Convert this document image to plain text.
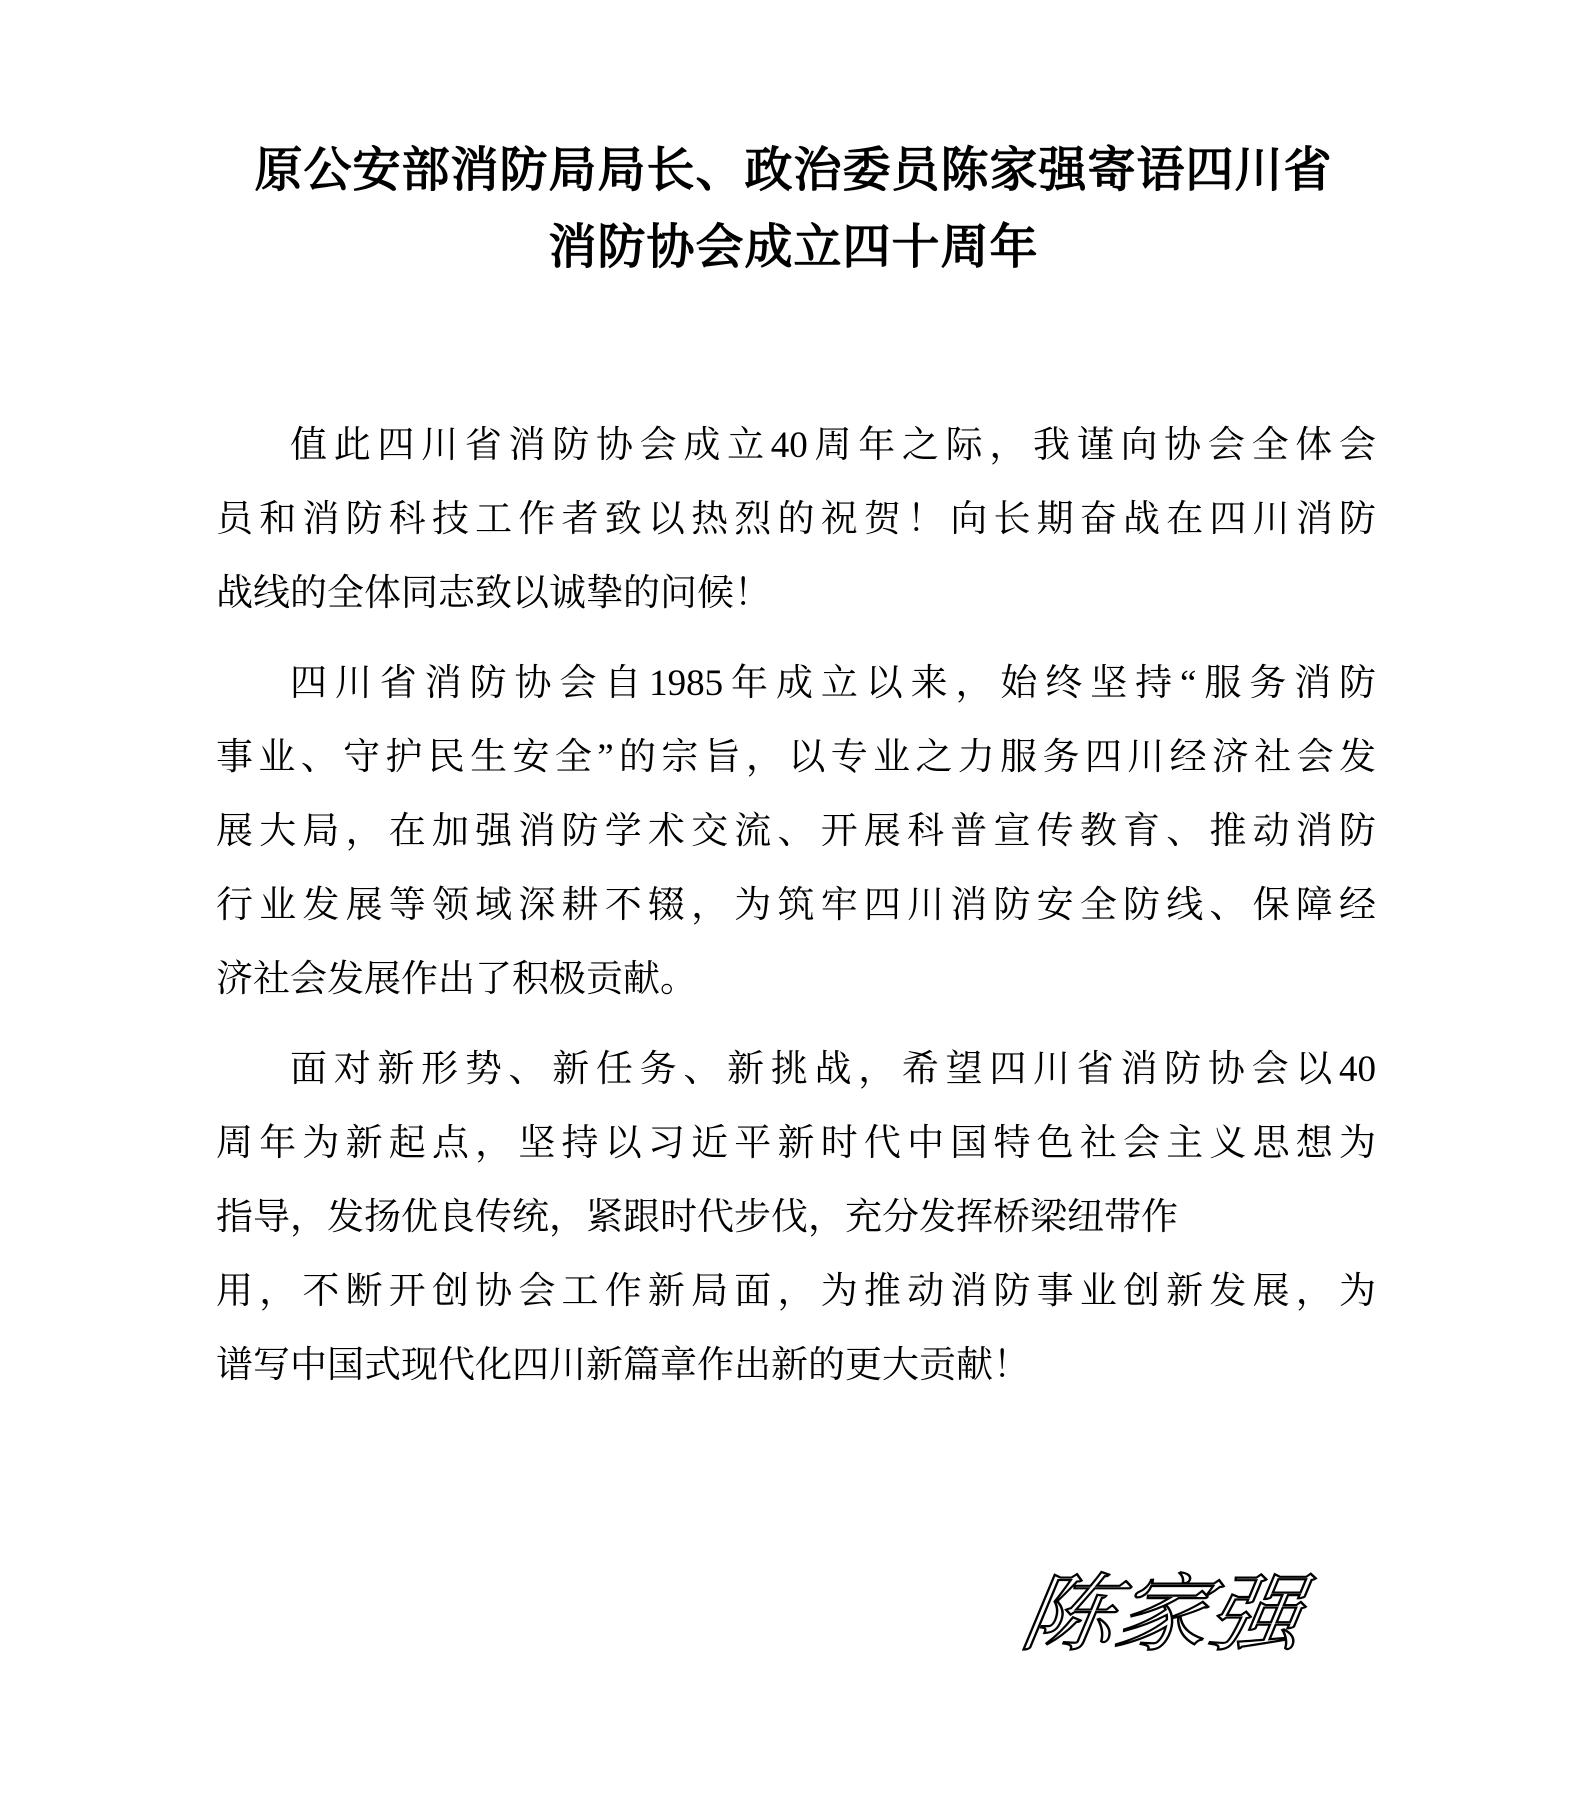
原公安部消防局局长、政治委员陈家强寄语四川省
消防协会成立四十周年
值此四川省消防协会成立40周年之际，我谨向协会全体会
员和消防科技工作者致以热烈的祝贺！向长期奋战在四川消防
战线的全体同志致以诚挚的问候！
四川省消防协会自1985年成立以来，始终坚持“服务消防
事业、守护民生安全”的宗旨，以专业之力服务四川经济社会发
展大局，在加强消防学术交流、开展科普宣传教育、推动消防
行业发展等领域深耕不辍，为筑牢四川消防安全防线、保障经
济社会发展作出了积极贡献。
面对新形势、新任务、新挑战，希望四川省消防协会以40
周年为新起点，坚持以习近平新时代中国特色社会主义思想为
指导，发扬优良传统，紧跟时代步伐，充分发挥桥梁纽带作
用，不断开创协会工作新局面，为推动消防事业创新发展，为
谱写中国式现代化四川新篇章作出新的更大贡献！
陈家强
